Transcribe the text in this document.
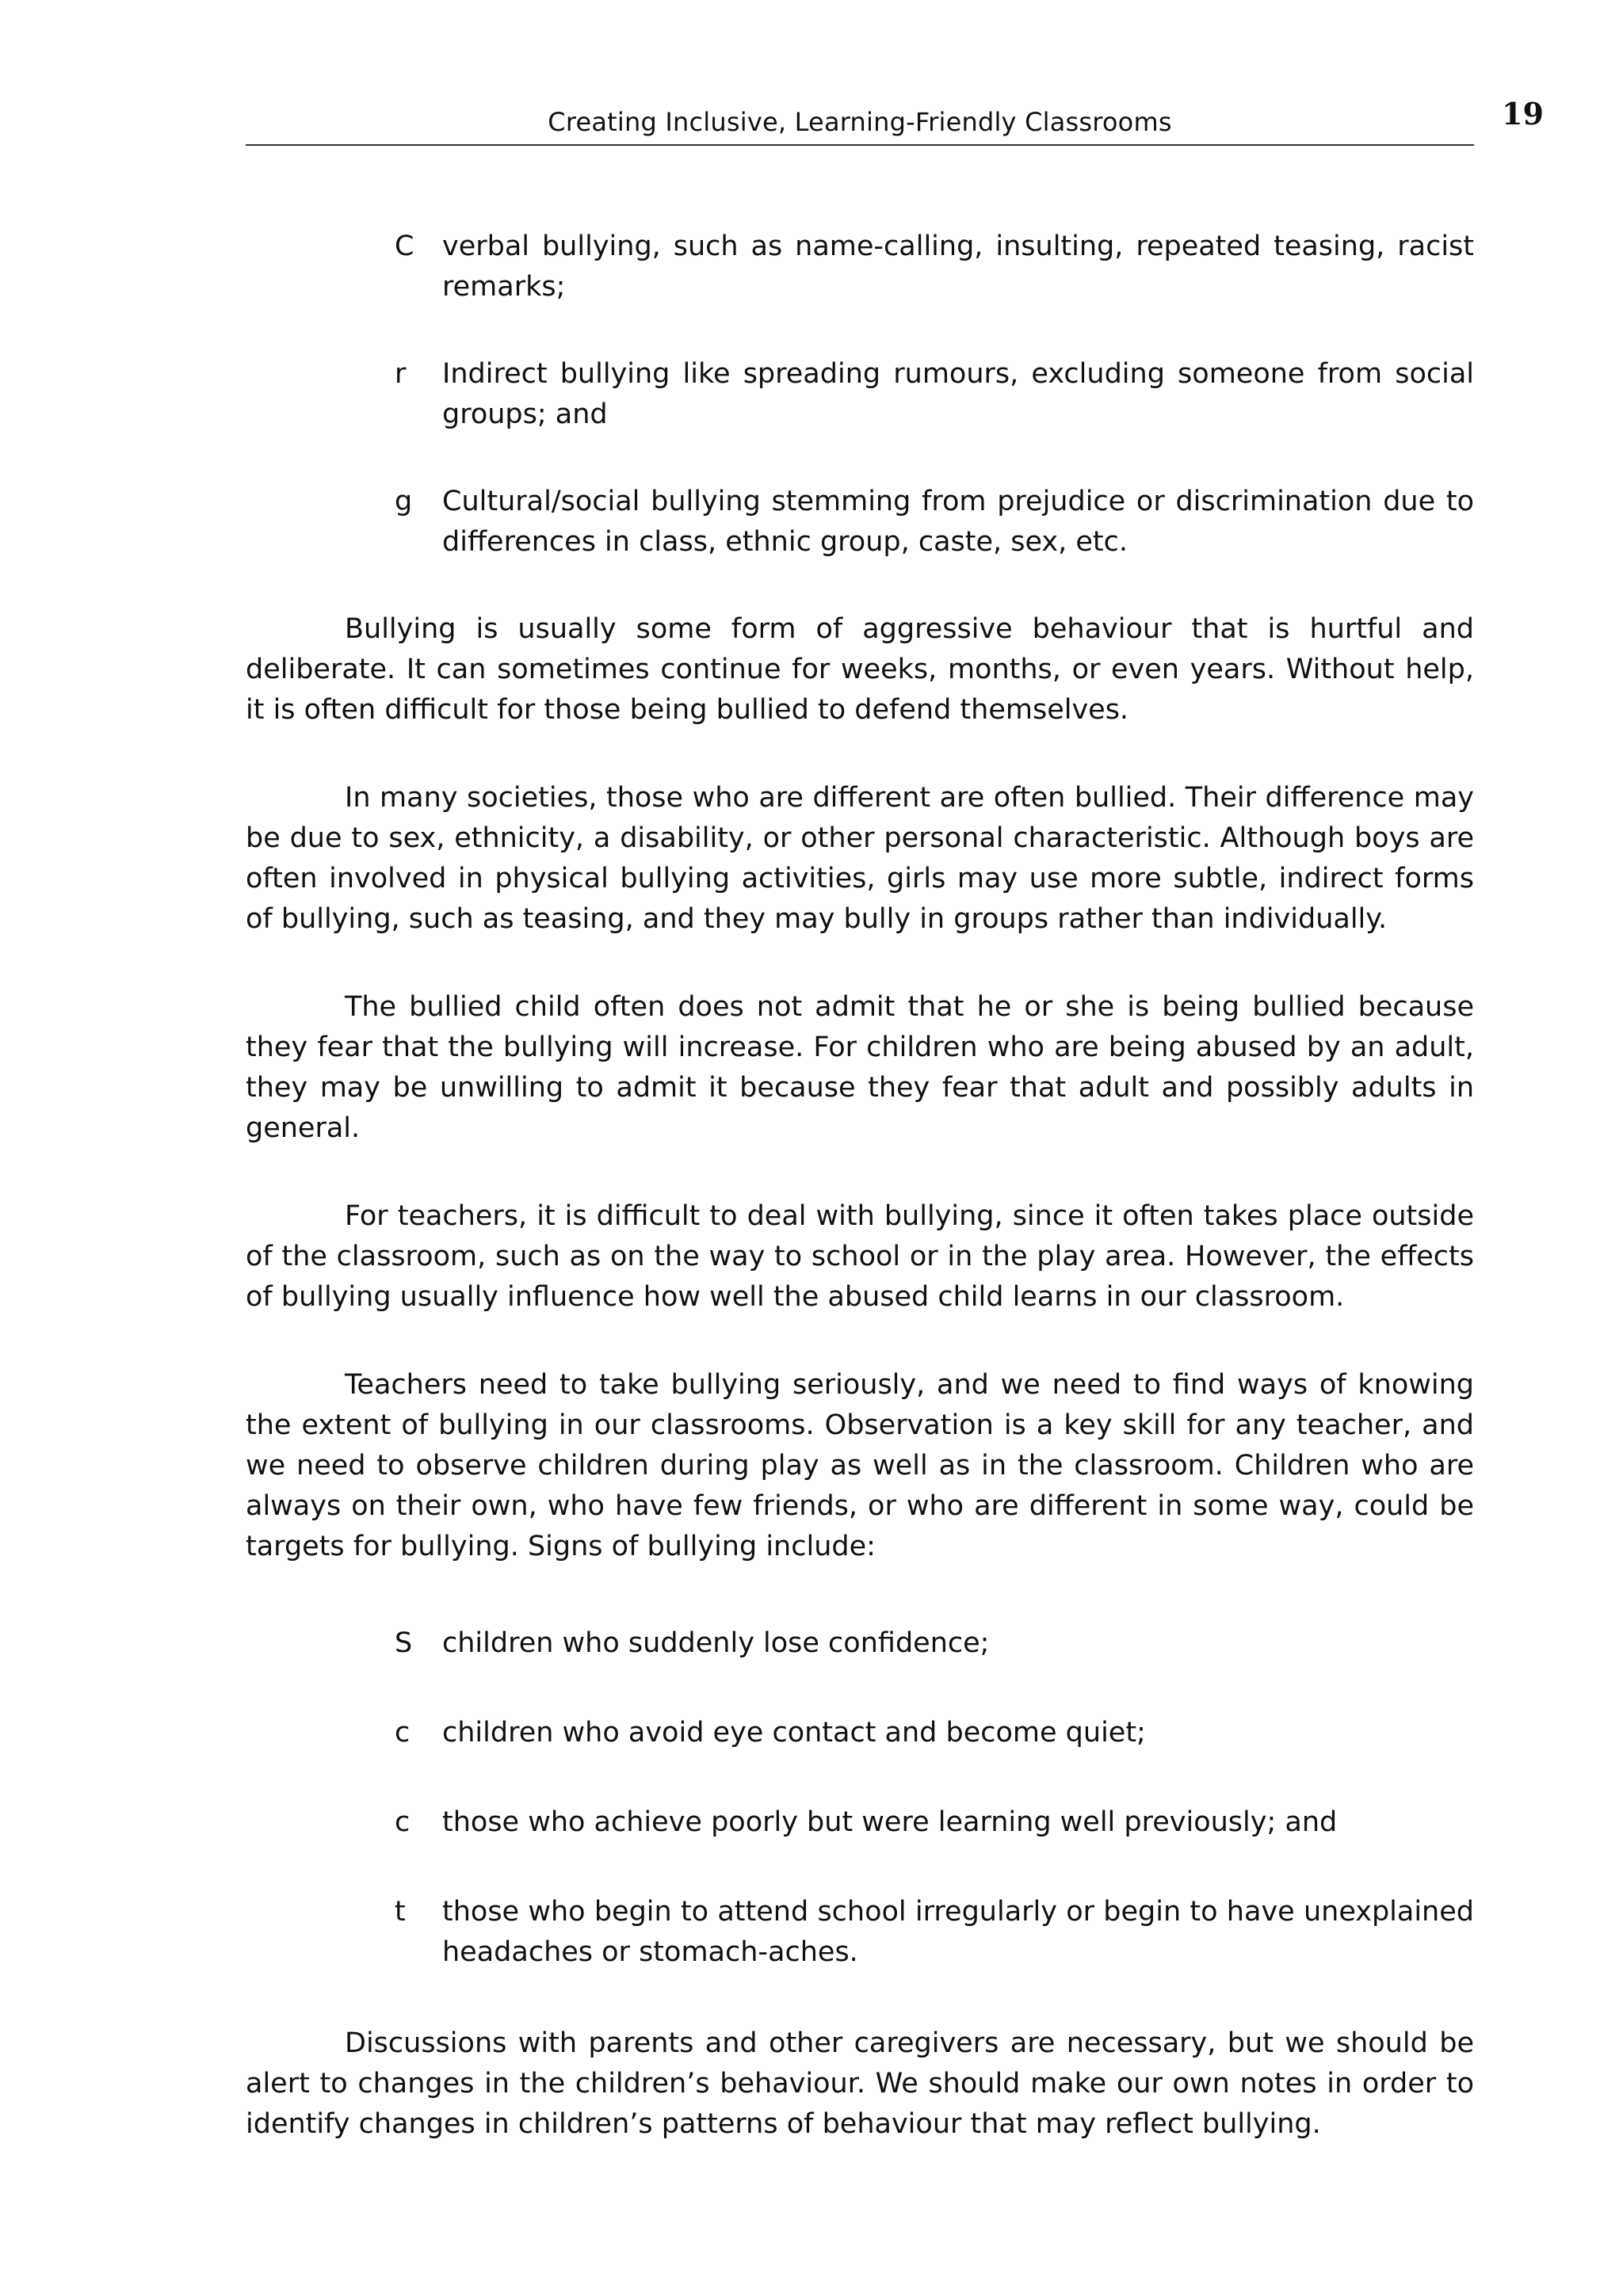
Creating Inclusive, Learning-Friendly Classrooms	19
C	verbal bullying, such as name-calling, insulting, repeated teasing, racist remarks;
r	Indirect bullying like spreading rumours, excluding someone from social groups; and
g	Cultural/social bullying stemming from prejudice or discrimination due to differences in class, ethnic group, caste, sex, etc.

Bullying is usually some form of aggressive behaviour that is hurtful and deliberate. It can sometimes continue for weeks, months, or even years. Without help, it is often difficult for those being bullied to defend themselves.

In many societies, those who are different are often bullied. Their difference may be due to sex, ethnicity, a disability, or other personal characteristic. Although boys are often involved in physical bullying activities, girls may use more subtle, indirect forms of bullying, such as teasing, and they may bully in groups rather than individually.

The bullied child often does not admit that he or she is being bullied because they fear that the bullying will increase. For children who are being abused by an adult, they may be unwilling to admit it because they fear that adult and possibly adults in general.

For teachers, it is difficult to deal with bullying, since it often takes place outside of the classroom, such as on the way to school or in the play area. However, the effects of bullying usually influence how well the abused child learns in our classroom.

Teachers need to take bullying seriously, and we need to find ways of knowing the extent of bullying in our classrooms. Observation is a key skill for any teacher, and we need to observe children during play as well as in the classroom. Children who are always on their own, who have few friends, or who are different in some way, could be targets for bullying. Signs of bullying include:

S	children who suddenly lose confidence;
c	children who avoid eye contact and become quiet;
c	those who achieve poorly but were learning well previously; and
t	those who begin to attend school irregularly or begin to have unexplained headaches or stomach-aches.

Discussions with parents and other caregivers are necessary, but we should be alert to changes in the children’s behaviour. We should make our own notes in order to identify changes in children’s patterns of behaviour that may reflect bullying.
